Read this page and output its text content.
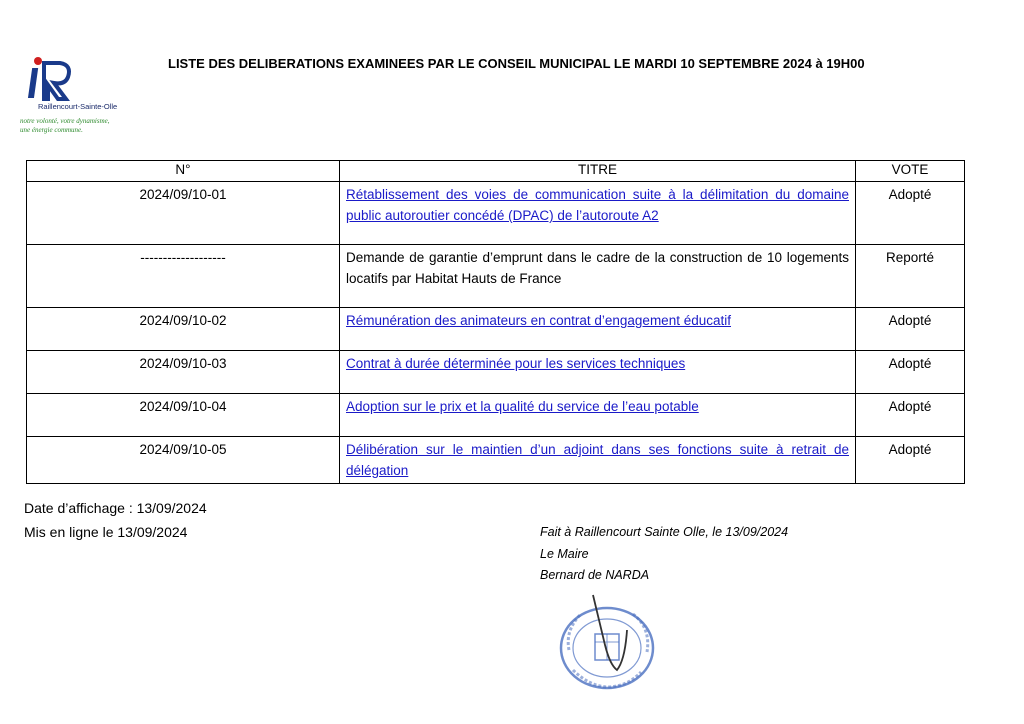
Raillencourt-Sainte-Olle
notre volonté, votre dynamisme,
une énergie commune.
LISTE DES DELIBERATIONS EXAMINEES PAR LE CONSEIL MUNICIPAL LE MARDI 10 SEPTEMBRE 2024 à 19H00
N°	TITRE	VOTE
2024/09/10-01	Rétablissement des voies de communication suite à la délimitation du domaine public autoroutier concédé (DPAC) de l’autoroute A2	Adopté
-------------------	Demande de garantie d’emprunt dans le cadre de la construction de 10 logements locatifs par Habitat Hauts de France	Reporté
2024/09/10-02	Rémunération des animateurs en contrat d’engagement éducatif	Adopté
2024/09/10-03	Contrat à durée déterminée pour les services techniques	Adopté
2024/09/10-04	Adoption sur le prix et la qualité du service de l’eau potable	Adopté
2024/09/10-05	Délibération sur le maintien d’un adjoint dans ses fonctions suite à retrait de délégation	Adopté
Date d’affichage : 13/09/2024
Mis en ligne le 13/09/2024	Fait à Raillencourt Sainte Olle, le 13/09/2024
Le Maire
Bernard de NARDA
